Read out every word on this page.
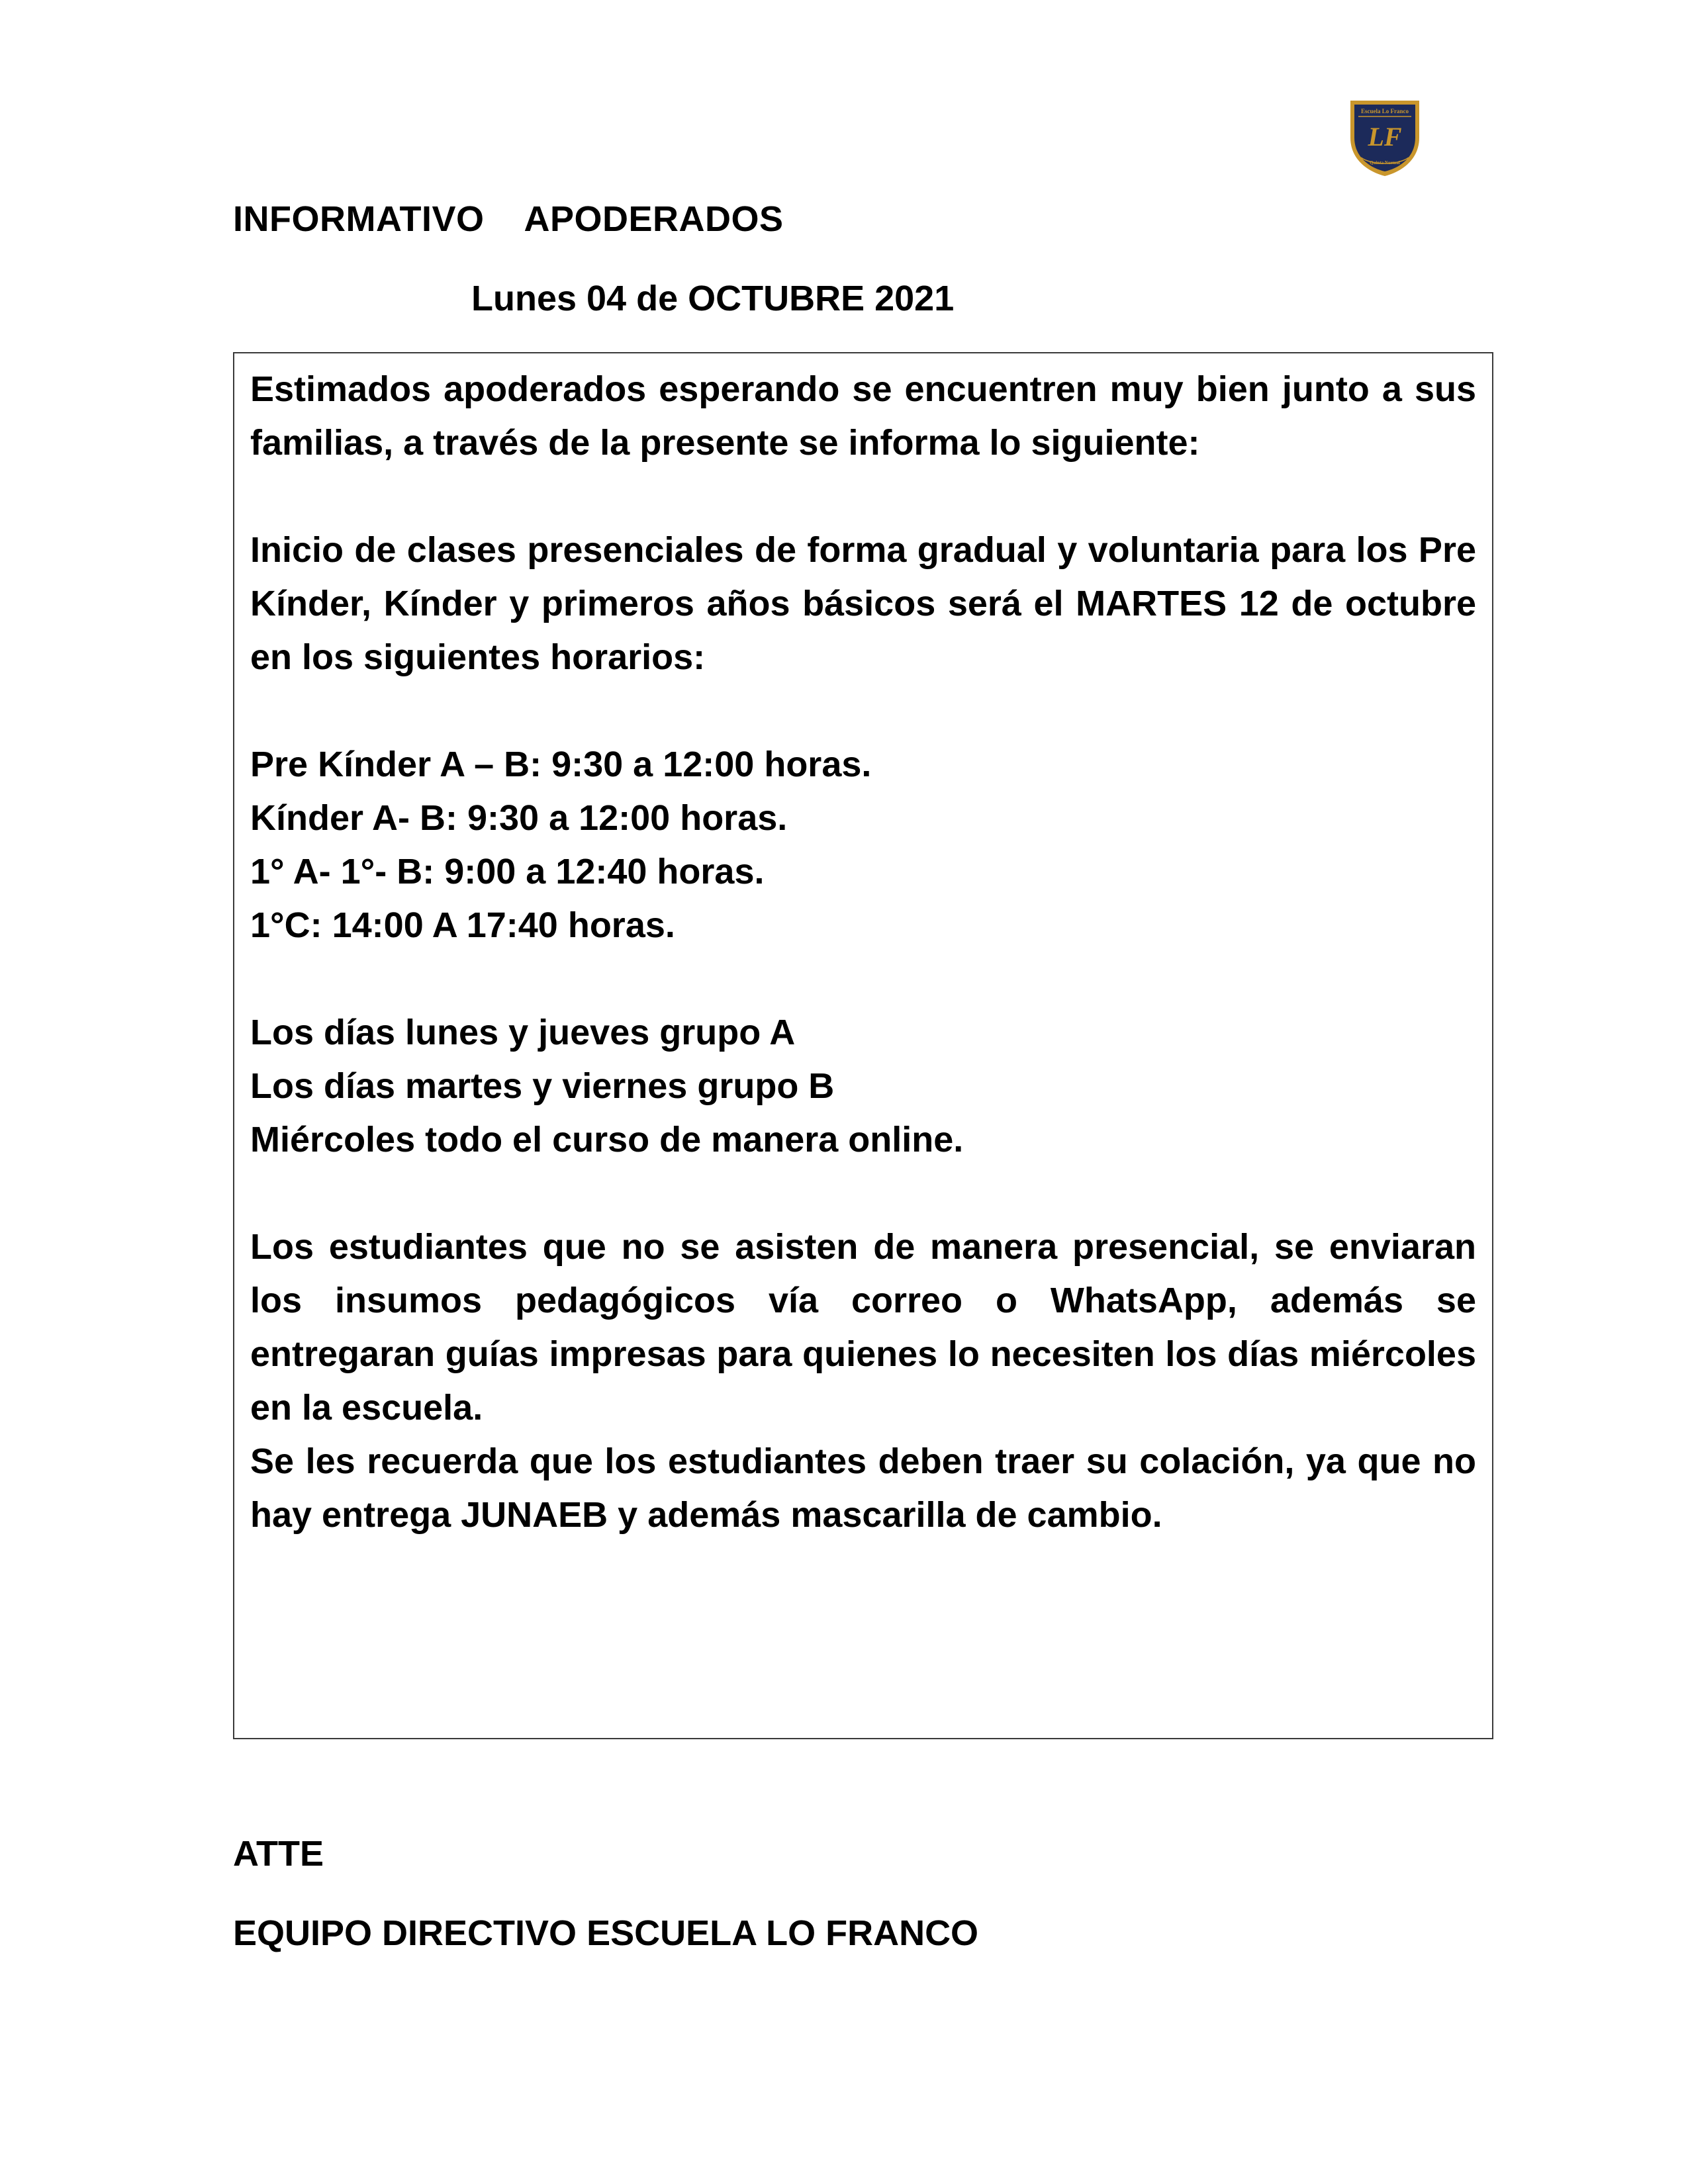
Escuela Lo Franco
LF
Quinta Normal
INFORMATIVO APODERADOS
Lunes 04 de OCTUBRE 2021
Estimados apoderados esperando se encuentren muy bien junto a sus familias, a través de la presente se informa lo siguiente:
Inicio de clases presenciales de forma gradual y voluntaria para los Pre Kínder, Kínder y primeros años básicos será el MARTES 12 de octubre en los siguientes horarios:
Pre Kínder A – B: 9:30 a 12:00 horas.
Kínder A- B: 9:30 a 12:00 horas.
1° A- 1°- B: 9:00 a 12:40 horas.
1°C: 14:00 A 17:40 horas.
Los días lunes y jueves grupo A
Los días martes y viernes grupo B
Miércoles todo el curso de manera online.
Los estudiantes que no se asisten de manera presencial, se enviaran los insumos pedagógicos vía correo o WhatsApp, además se entregaran guías impresas para quienes lo necesiten los días miércoles en la escuela.
Se les recuerda que los estudiantes deben traer su colación, ya que no hay entrega JUNAEB y además mascarilla de cambio.
ATTE
EQUIPO DIRECTIVO ESCUELA LO FRANCO
